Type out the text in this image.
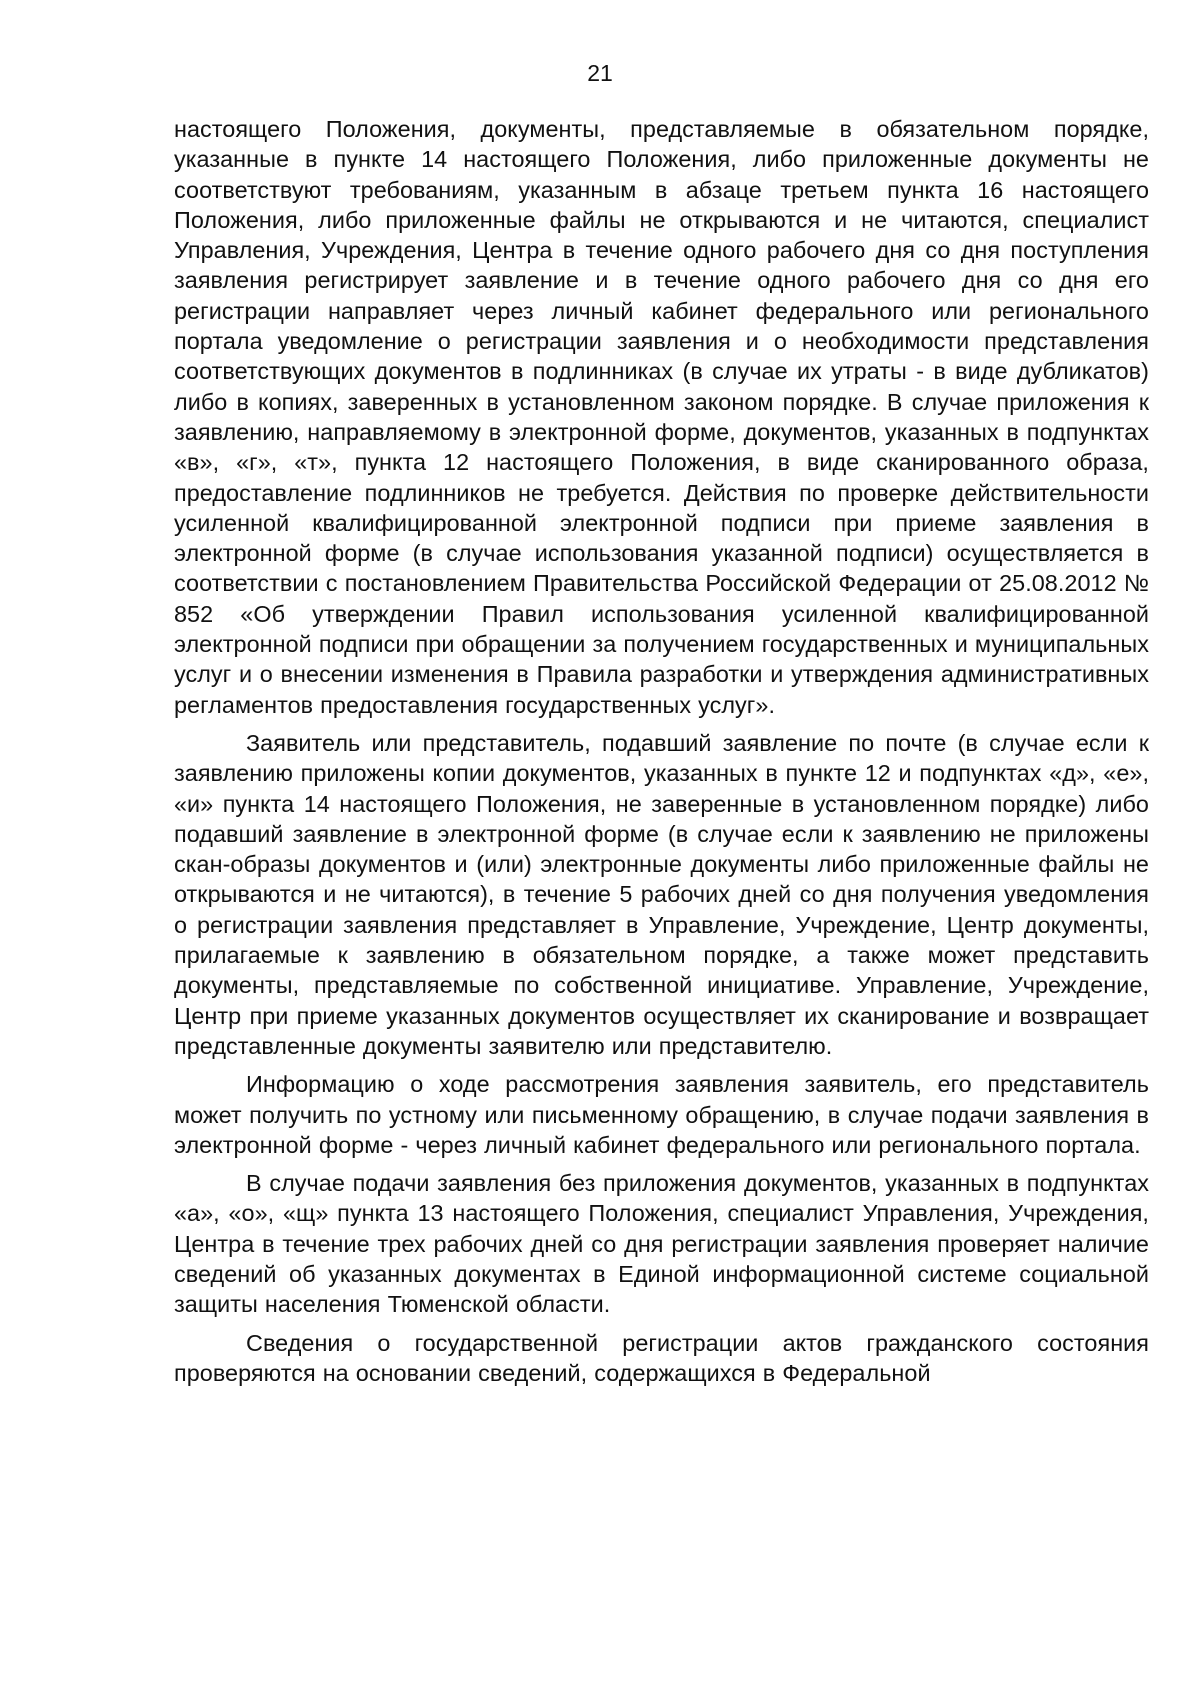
21

настоящего Положения, документы, представляемые в обязательном порядке, указанные в пункте 14 настоящего Положения, либо приложенные документы не соответствуют требованиям, указанным в абзаце третьем пункта 16 настоящего Положения, либо приложенные файлы не открываются и не читаются, специалист Управления, Учреждения, Центра в течение одного рабочего дня со дня поступления заявления регистрирует заявление и в течение одного рабочего дня со дня его регистрации направляет через личный кабинет федерального или регионального портала уведомление о регистрации заявления и о необходимости представления соответствующих документов в подлинниках (в случае их утраты - в виде дубликатов) либо в копиях, заверенных в установленном законом порядке. В случае приложения к заявлению, направляемому в электронной форме, документов, указанных в подпунктах «в», «г», «т», пункта 12 настоящего Положения, в виде сканированного образа, предоставление подлинников не требуется. Действия по проверке действительности усиленной квалифицированной электронной подписи при приеме заявления в электронной форме (в случае использования указанной подписи) осуществляется в соответствии с постановлением Правительства Российской Федерации от 25.08.2012 № 852 «Об утверждении Правил использования усиленной квалифицированной электронной подписи при обращении за получением государственных и муниципальных услуг и о внесении изменения в Правила разработки и утверждения административных регламентов предоставления государственных услуг».

Заявитель или представитель, подавший заявление по почте (в случае если к заявлению приложены копии документов, указанных в пункте 12 и подпунктах «д», «е», «и» пункта 14 настоящего Положения, не заверенные в установленном порядке) либо подавший заявление в электронной форме (в случае если к заявлению не приложены скан-образы документов и (или) электронные документы либо приложенные файлы не открываются и не читаются), в течение 5 рабочих дней со дня получения уведомления о регистрации заявления представляет в Управление, Учреждение, Центр документы, прилагаемые к заявлению в обязательном порядке, а также может представить документы, представляемые по собственной инициативе. Управление, Учреждение, Центр при приеме указанных документов осуществляет их сканирование и возвращает представленные документы заявителю или представителю.

Информацию о ходе рассмотрения заявления заявитель, его представитель может получить по устному или письменному обращению, в случае подачи заявления в электронной форме - через личный кабинет федерального или регионального портала.

В случае подачи заявления без приложения документов, указанных в подпунктах «а», «о», «щ» пункта 13 настоящего Положения, специалист Управления, Учреждения, Центра в течение трех рабочих дней со дня регистрации заявления проверяет наличие сведений об указанных документах в Единой информационной системе социальной защиты населения Тюменской области.

Сведения о государственной регистрации актов гражданского состояния проверяются на основании сведений, содержащихся в Федеральной
